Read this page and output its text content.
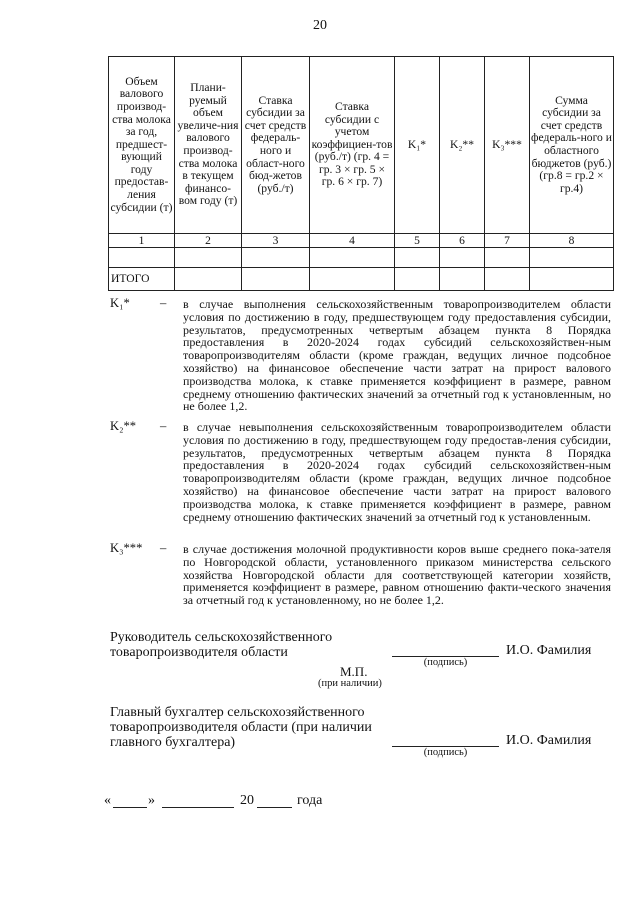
20
Объем валового производ-ства молока за год, предшест-вующий году предостав-ления субсидии (т)	Плани-руемый объем увеличе-ния валового производ-ства молока в текущем финансо-вом году (т)	Ставка субсидии за счет средств федераль-ного и област-ного бюд-жетов (руб./т)	Ставка субсидии с учетом коэффициен-тов (руб./т) (гр. 4 = гр. 3 × гр. 5 × гр. 6 × гр. 7)	K₁*	K₂**	K₃***	Сумма субсидии за счет средств федераль-ного и областного бюджетов (руб.) (гр.8 = гр.2 × гр.4)
1	2	3	4	5	6	7	8

ИТОГО							
K₁* – в случае выполнения сельскохозяйственным товаропроизводителем области условия по достижению в году, предшествующем году предоставления субсидии, результатов, предусмотренных четвертым абзацем пункта 8 Порядка предоставления в 2020-2024 годах субсидий сельскохозяйствен-ным товаропроизводителям области (кроме граждан, ведущих личное подсобное хозяйство) на финансовое обеспечение части затрат на прирост валового производства молока, к ставке применяется коэффициент в размере, равном среднему отношению фактических значений за отчетный год к установленным, но не более 1,2.
K₂** – в случае невыполнения сельскохозяйственным товаропроизводителем области условия по достижению в году, предшествующем году предостав-ления субсидии, результатов, предусмотренных четвертым абзацем пункта 8 Порядка предоставления в 2020-2024 годах субсидий сельскохозяйствен-ным товаропроизводителям области (кроме граждан, ведущих личное подсобное хозяйство) на финансовое обеспечение части затрат на прирост валового производства молока, к ставке применяется коэффициент в размере, равном среднему отношению фактических значений за отчетный год к установленным.
K₃*** – в случае достижения молочной продуктивности коров выше среднего пока-зателя по Новгородской области, установленного приказом министерства сельского хозяйства Новгородской области для соответствующей категории хозяйств, применяется коэффициент в размере, равном отношению факти-ческого значения за отчетный год к установленному, но не более 1,2.
Руководитель сельскохозяйственного
товаропроизводителя области	И.О. Фамилия
(подпись)
М.П.
(при наличии)
Главный бухгалтер сельскохозяйственного
товаропроизводителя области (при наличии
главного бухгалтера)	И.О. Фамилия
(подпись)
«	»	20	года
